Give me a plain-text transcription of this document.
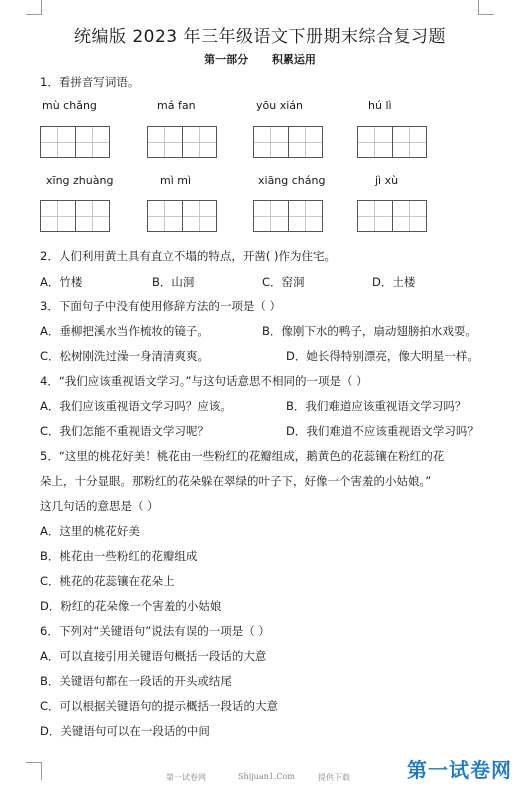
统编版 2023 年三年级语文下册期末综合复习题
第一部分 积累运用
1．看拼音写词语。
mù chǎng	má fan	yōu xián	hú lì
xīng zhuàng	mì mì	xiāng cháng	jì xù
2．人们利用黄土具有直立不塌的特点，开凿( )作为住宅。
A．竹楼	B．山洞	C．窑洞	D．土楼
3．下面句子中没有使用修辞方法的一项是（ ）
A．垂柳把溪水当作梳妆的镜子。	B．像刚下水的鸭子，扇动翅膀拍水戏耍。
C．松树刚洗过澡一身清清爽爽。	D．她长得特别漂亮，像大明星一样。
4．“我们应该重视语文学习。”与这句话意思不相同的一项是（ ）
A．我们应该重视语文学习吗？应该。	B．我们难道应该重视语文学习吗？
C．我们怎能不重视语文学习呢？	D．我们难道不应该重视语文学习吗？
5．“这里的桃花好美！桃花由一些粉红的花瓣组成，鹅黄色的花蕊镶在粉红的花
朵上，十分显眼。那粉红的花朵躲在翠绿的叶子下，好像一个害羞的小姑娘。”
这几句话的意思是（ ）
A．这里的桃花好美
B．桃花由一些粉红的花瓣组成
C．桃花的花蕊镶在花朵上
D．粉红的花朵像一个害羞的小姑娘
6．下列对“关键语句”说法有误的一项是（ ）
A．可以直接引用关键语句概括一段话的大意
B．关键语句都在一段话的开头或结尾
C．可以根据关键语句的提示概括一段话的大意
D．关键语句可以在一段话的中间
第一试卷网	Shijuan1.Com	提供下载	第一试卷网
